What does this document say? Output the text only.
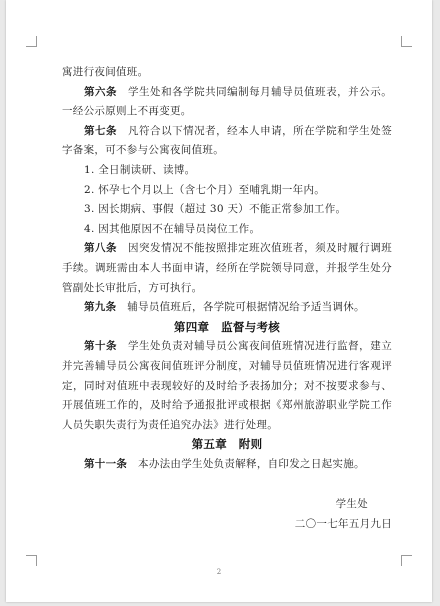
寓进行夜间值班。

第六条　 学生处和各学院共同编制每月辅导员值班表，并公示。一经公示原则上不再变更。

第七条　 凡符合以下情况者，经本人申请，所在学院和学生处签字备案，可不参与公寓夜间值班。

1. 全日制读研、读博。

2. 怀孕七个月以上（含七个月）至哺乳期一年内。

3. 因长期病、事假（超过 30 天）不能正常参加工作。

4. 因其他原因不在辅导员岗位工作。

第八条　 因突发情况不能按照排定班次值班者，须及时履行调班手续。调班需由本人书面申请，经所在学院领导同意，并报学生处分管副处长审批后，方可执行。

第九条　 辅导员值班后，各学院可根据情况给予适当调休。

第四章　监督与考核

第十条　 学生处负责对辅导员公寓夜间值班情况进行监督，建立并完善辅导员公寓夜间值班评分制度，对辅导员值班情况进行客观评定，同时对值班中表现较好的及时给予表扬加分；对不按要求参与、开展值班工作的，及时给予通报批评或根据《郑州旅游职业学院工作人员失职失责行为责任追究办法》进行处理。

第五章　附则

第十一条　 本办法由学生处负责解释，自印发之日起实施。

学生处

二〇一七年五月九日

2
